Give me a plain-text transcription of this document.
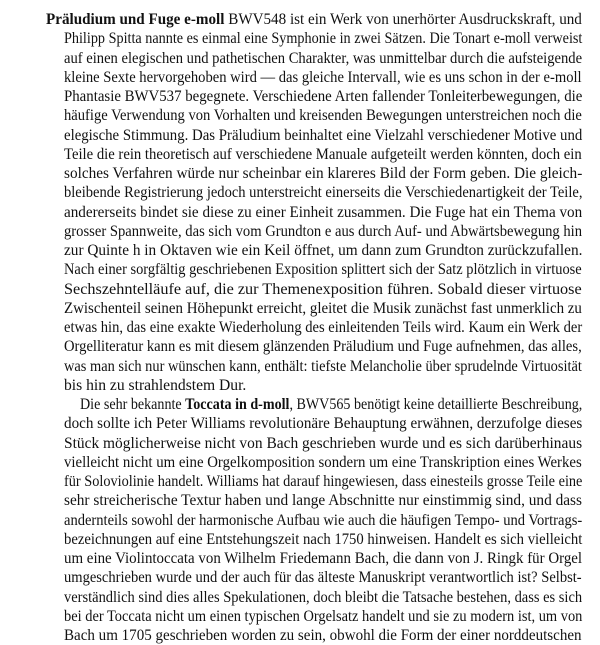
Präludium und Fuge e-moll BWV548 ist ein Werk von unerhörter Ausdruckskraft, und
Philipp Spitta nannte es einmal eine Symphonie in zwei Sätzen. Die Tonart e-moll verweist
auf einen elegischen und pathetischen Charakter, was unmittelbar durch die aufsteigende
kleine Sexte hervorgehoben wird — das gleiche Intervall, wie es uns schon in der e-moll
Phantasie BWV537 begegnete. Verschiedene Arten fallender Tonleiterbewegungen, die
häufige Verwendung von Vorhalten und kreisenden Bewegungen unterstreichen noch die
elegische Stimmung. Das Präludium beinhaltet eine Vielzahl verschiedener Motive und
Teile die rein theoretisch auf verschiedene Manuale aufgeteilt werden könnten, doch ein
solches Verfahren würde nur scheinbar ein klareres Bild der Form geben. Die gleich-
bleibende Registrierung jedoch unterstreicht einerseits die Verschiedenartigkeit der Teile,
andererseits bindet sie diese zu einer Einheit zusammen. Die Fuge hat ein Thema von
grosser Spannweite, das sich vom Grundton e aus durch Auf- und Abwärtsbewegung hin
zur Quinte h in Oktaven wie ein Keil öffnet, um dann zum Grundton zurückzufallen.
Nach einer sorgfältig geschriebenen Exposition splittert sich der Satz plötzlich in virtuose
Sechszehntelläufe auf, die zur Themenexposition führen. Sobald dieser virtuose
Zwischenteil seinen Höhepunkt erreicht, gleitet die Musik zunächst fast unmerklich zu
etwas hin, das eine exakte Wiederholung des einleitenden Teils wird. Kaum ein Werk der
Orgelliteratur kann es mit diesem glänzenden Präludium und Fuge aufnehmen, das alles,
was man sich nur wünschen kann, enthält: tiefste Melancholie über sprudelnde Virtuosität
bis hin zu strahlendstem Dur.
Die sehr bekannte Toccata in d-moll, BWV565 benötigt keine detaillierte Beschreibung,
doch sollte ich Peter Williams revolutionäre Behauptung erwähnen, derzufolge dieses
Stück möglicherweise nicht von Bach geschrieben wurde und es sich darüberhinaus
vielleicht nicht um eine Orgelkomposition sondern um eine Transkription eines Werkes
für Soloviolinie handelt. Williams hat darauf hingewiesen, dass einesteils grosse Teile eine
sehr streicherische Textur haben und lange Abschnitte nur einstimmig sind, und dass
andernteils sowohl der harmonische Aufbau wie auch die häufigen Tempo- und Vortrags-
bezeichnungen auf eine Entstehungszeit nach 1750 hinweisen. Handelt es sich vielleicht
um eine Violintoccata von Wilhelm Friedemann Bach, die dann von J. Ringk für Orgel
umgeschrieben wurde und der auch für das älteste Manuskript verantwortlich ist? Selbst-
verständlich sind dies alles Spekulationen, doch bleibt die Tatsache bestehen, dass es sich
bei der Toccata nicht um einen typischen Orgelsatz handelt und sie zu modern ist, um von
Bach um 1705 geschrieben worden zu sein, obwohl die Form der einer norddeutschen
